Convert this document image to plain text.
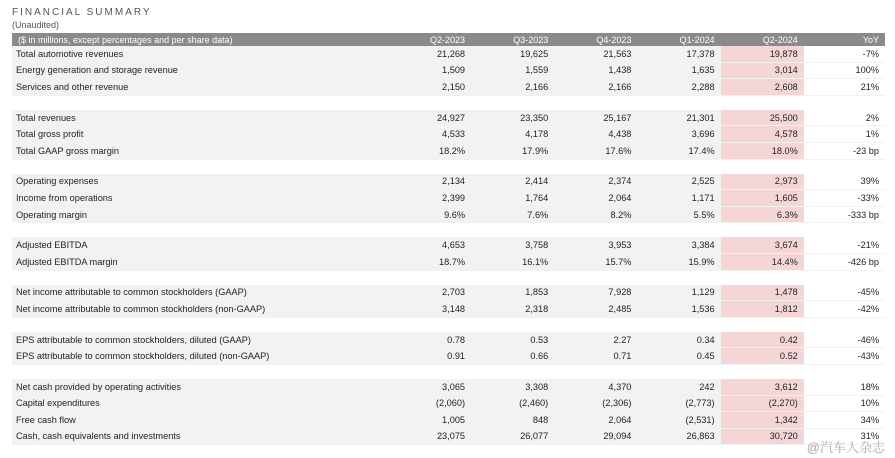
FINANCIAL SUMMARY
(Unaudited)
($ in millions, except percentages and per share data)	Q2-2023	Q3-2023	Q4-2023	Q1-2024	Q2-2024	YoY
Total automotive revenues	21,268	19,625	21,563	17,378	19,878	-7%
Energy generation and storage revenue	1,509	1,559	1,438	1,635	3,014	100%
Services and other revenue	2,150	2,166	2,166	2,288	2,608	21%

Total revenues	24,927	23,350	25,167	21,301	25,500	2%
Total gross profit	4,533	4,178	4,438	3,696	4,578	1%
Total GAAP gross margin	18.2%	17.9%	17.6%	17.4%	18.0%	-23 bp

Operating expenses	2,134	2,414	2,374	2,525	2,973	39%
Income from operations	2,399	1,764	2,064	1,171	1,605	-33%
Operating margin	9.6%	7.6%	8.2%	5.5%	6.3%	-333 bp

Adjusted EBITDA	4,653	3,758	3,953	3,384	3,674	-21%
Adjusted EBITDA margin	18.7%	16.1%	15.7%	15.9%	14.4%	-426 bp

Net income attributable to common stockholders (GAAP)	2,703	1,853	7,928	1,129	1,478	-45%
Net income attributable to common stockholders (non-GAAP)	3,148	2,318	2,485	1,536	1,812	-42%

EPS attributable to common stockholders, diluted (GAAP)	0.78	0.53	2.27	0.34	0.42	-46%
EPS attributable to common stockholders, diluted (non-GAAP)	0.91	0.66	0.71	0.45	0.52	-43%

Net cash provided by operating activities	3,065	3,308	4,370	242	3,612	18%
Capital expenditures	(2,060)	(2,460)	(2,306)	(2,773)	(2,270)	10%
Free cash flow	1,005	848	2,064	(2,531)	1,342	34%
Cash, cash equivalents and investments	23,075	26,077	29,094	26,863	30,720	31%
@汽车人杂志
